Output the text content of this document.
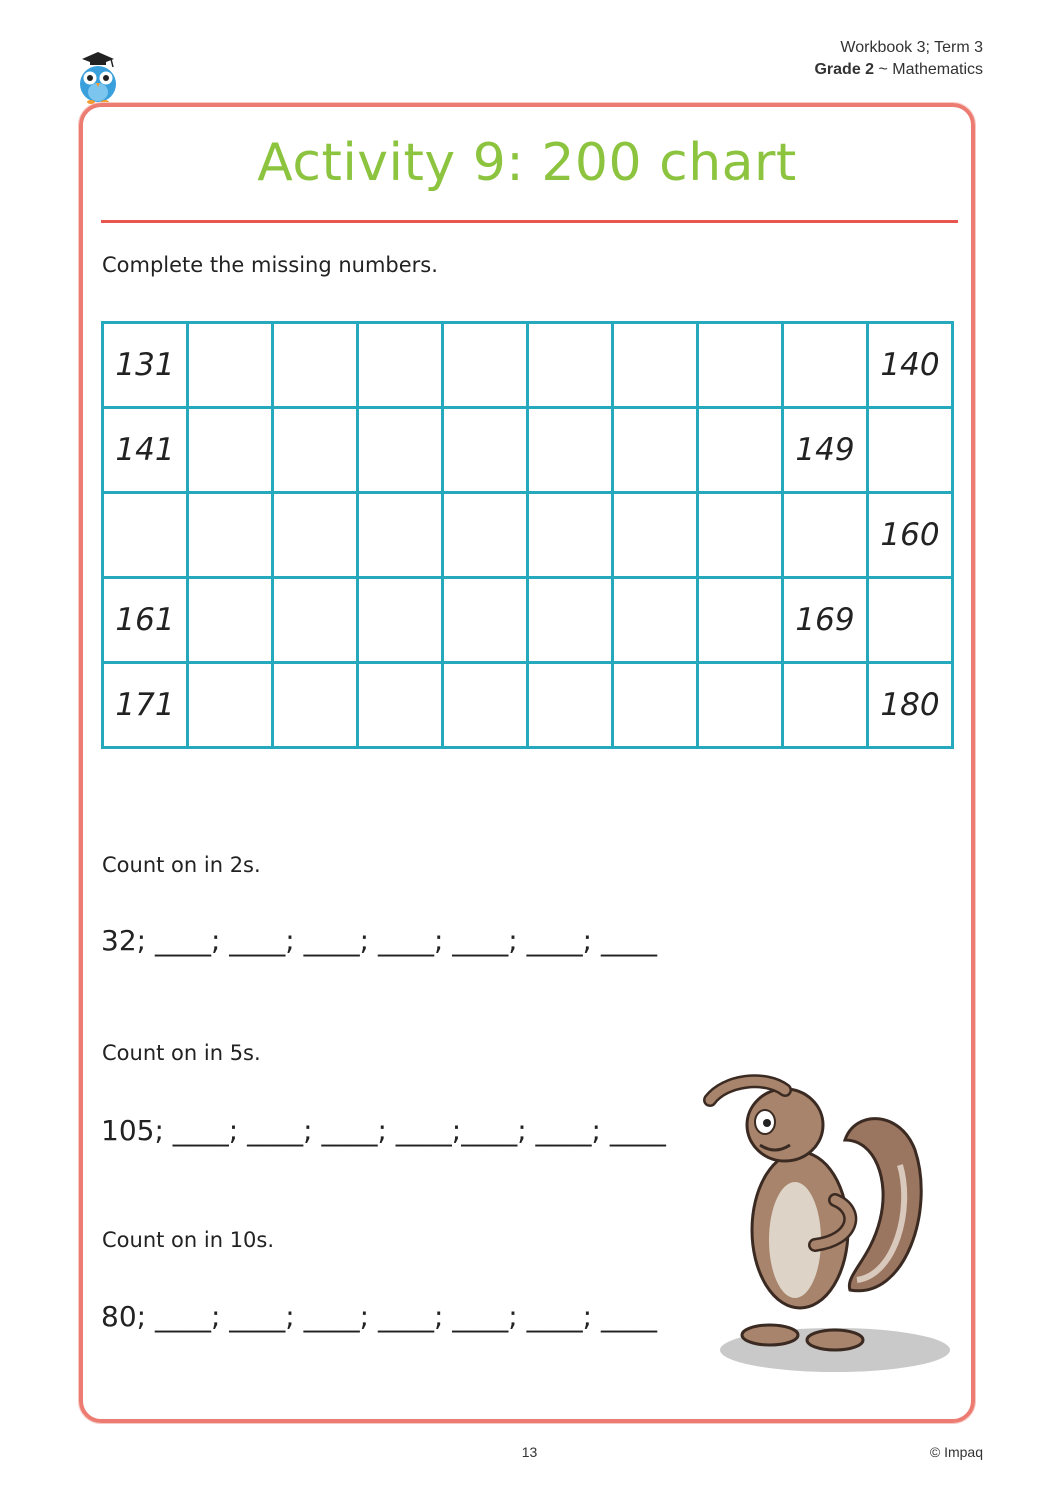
Workbook 3; Term 3
Grade 2 ~ Mathematics
Activity 9: 200 chart
Complete the missing numbers.
131									140
141								149	
									160
161								169	
171									180
Count on in 2s.
32; ____; ____; ____; ____; ____; ____; ____
Count on in 5s.
105; ____; ____; ____; ____;____; ____; ____
Count on in 10s.
80; ____; ____; ____; ____; ____; ____; ____
13	© Impaq
